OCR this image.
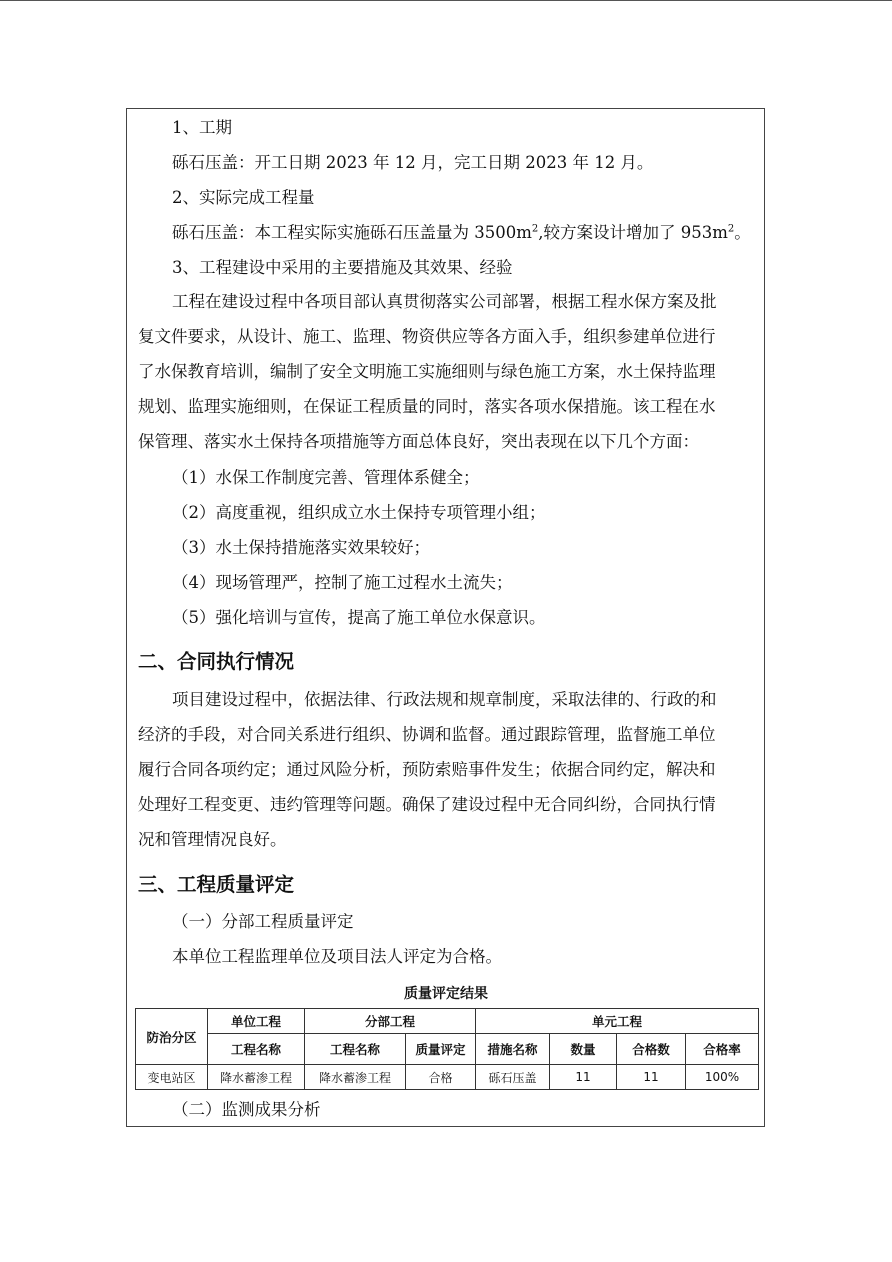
1、工期
砾石压盖：开工日期 2023 年 12 月，完工日期 2023 年 12 月。
2、实际完成工程量
砾石压盖：本工程实际实施砾石压盖量为 $3500m^2$,较方案设计增加了 $953m^2$。
3、工程建设中采用的主要措施及其效果、经验
工程在建设过程中各项目部认真贯彻落实公司部署，根据工程水保方案及批
复文件要求，从设计、施工、监理、物资供应等各方面入手，组织参建单位进行
了水保教育培训，编制了安全文明施工实施细则与绿色施工方案，水土保持监理
规划、监理实施细则，在保证工程质量的同时，落实各项水保措施。该工程在水
保管理、落实水土保持各项措施等方面总体良好，突出表现在以下几个方面：
（1）水保工作制度完善、管理体系健全；
（2）高度重视，组织成立水土保持专项管理小组；
（3）水土保持措施落实效果较好；
（4）现场管理严，控制了施工过程水土流失；
（5）强化培训与宣传，提高了施工单位水保意识。
二、合同执行情况
项目建设过程中，依据法律、行政法规和规章制度，采取法律的、行政的和
经济的手段，对合同关系进行组织、协调和监督。通过跟踪管理，监督施工单位
履行合同各项约定；通过风险分析，预防索赔事件发生；依据合同约定，解决和
处理好工程变更、违约管理等问题。确保了建设过程中无合同纠纷，合同执行情
况和管理情况良好。
三、工程质量评定
（一）分部工程质量评定
本单位工程监理单位及项目法人评定为合格。
质量评定结果
防治分区	单位工程	分部工程		单元工程			
	工程名称	工程名称	质量评定	措施名称	数量	合格数	合格率
变电站区	降水蓄渗工程	降水蓄渗工程	合格	砾石压盖	11	11	100%
（二）监测成果分析
